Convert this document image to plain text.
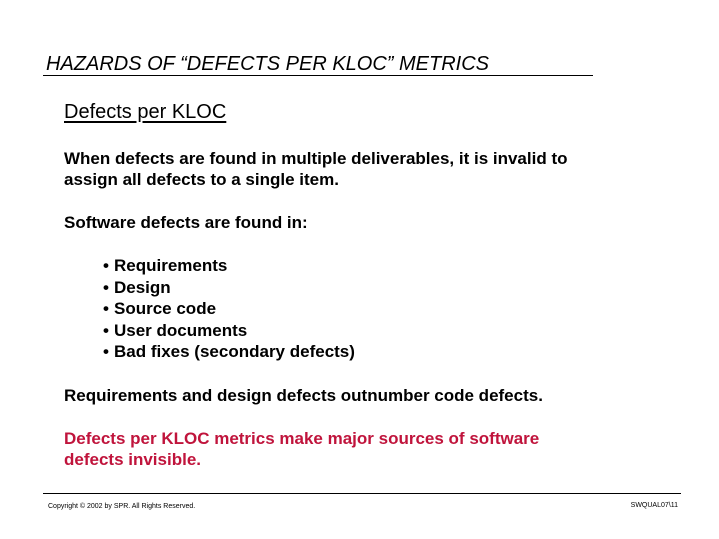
HAZARDS OF “DEFECTS PER KLOC” METRICS
Defects per KLOC
When defects are found in multiple deliverables, it is invalid to
assign all defects to a single item.
Software defects are found in:
• Requirements
• Design
• Source code
• User documents
• Bad fixes (secondary defects)
Requirements and design defects outnumber code defects.
Defects per KLOC metrics make major sources of software
defects invisible.
Copyright © 2002 by SPR. All Rights Reserved.	SWQUAL07\11
